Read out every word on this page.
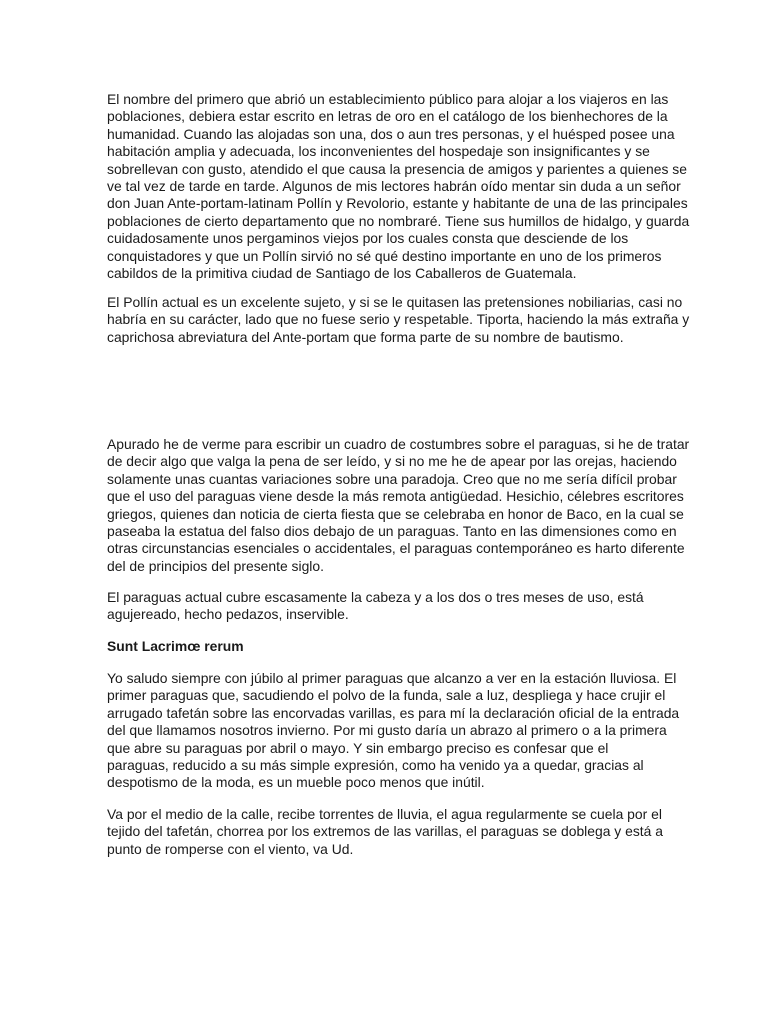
El nombre del primero que abrió un establecimiento público para alojar a los viajeros en las
poblaciones, debiera estar escrito en letras de oro en el catálogo de los bienhechores de la
humanidad. Cuando las alojadas son una, dos o aun tres personas, y el huésped posee una
habitación amplia y adecuada, los inconvenientes del hospedaje son insignificantes y se
sobrellevan con gusto, atendido el que causa la presencia de amigos y parientes a quienes se
ve tal vez de tarde en tarde. Algunos de mis lectores habrán oído mentar sin duda a un señor
don Juan Ante-portam-latinam Pollín y Revolorio, estante y habitante de una de las principales
poblaciones de cierto departamento que no nombraré. Tiene sus humillos de hidalgo, y guarda
cuidadosamente unos pergaminos viejos por los cuales consta que desciende de los
conquistadores y que un Pollín sirvió no sé qué destino importante en uno de los primeros
cabildos de la primitiva ciudad de Santiago de los Caballeros de Guatemala.

El Pollín actual es un excelente sujeto, y si se le quitasen las pretensiones nobiliarias, casi no
habría en su carácter, lado que no fuese serio y respetable. Tiporta, haciendo la más extraña y
caprichosa abreviatura del Ante-portam que forma parte de su nombre de bautismo.

Apurado he de verme para escribir un cuadro de costumbres sobre el paraguas, si he de tratar
de decir algo que valga la pena de ser leído, y si no me he de apear por las orejas, haciendo
solamente unas cuantas variaciones sobre una paradoja. Creo que no me sería difícil probar
que el uso del paraguas viene desde la más remota antigüedad. Hesichio, célebres escritores
griegos, quienes dan noticia de cierta fiesta que se celebraba en honor de Baco, en la cual se
paseaba la estatua del falso dios debajo de un paraguas. Tanto en las dimensiones como en
otras circunstancias esenciales o accidentales, el paraguas contemporáneo es harto diferente
del de principios del presente siglo.

El paraguas actual cubre escasamente la cabeza y a los dos o tres meses de uso, está
agujereado, hecho pedazos, inservible.

Sunt Lacrimœ rerum

Yo saludo siempre con júbilo al primer paraguas que alcanzo a ver en la estación lluviosa. El
primer paraguas que, sacudiendo el polvo de la funda, sale a luz, despliega y hace crujir el
arrugado tafetán sobre las encorvadas varillas, es para mí la declaración oficial de la entrada
del que llamamos nosotros invierno. Por mi gusto daría un abrazo al primero o a la primera
que abre su paraguas por abril o mayo. Y sin embargo preciso es confesar que el
paraguas, reducido a su más simple expresión, como ha venido ya a quedar, gracias al
despotismo de la moda, es un mueble poco menos que inútil.

Va por el medio de la calle, recibe torrentes de lluvia, el agua regularmente se cuela por el
tejido del tafetán, chorrea por los extremos de las varillas, el paraguas se doblega y está a
punto de romperse con el viento, va Ud.
